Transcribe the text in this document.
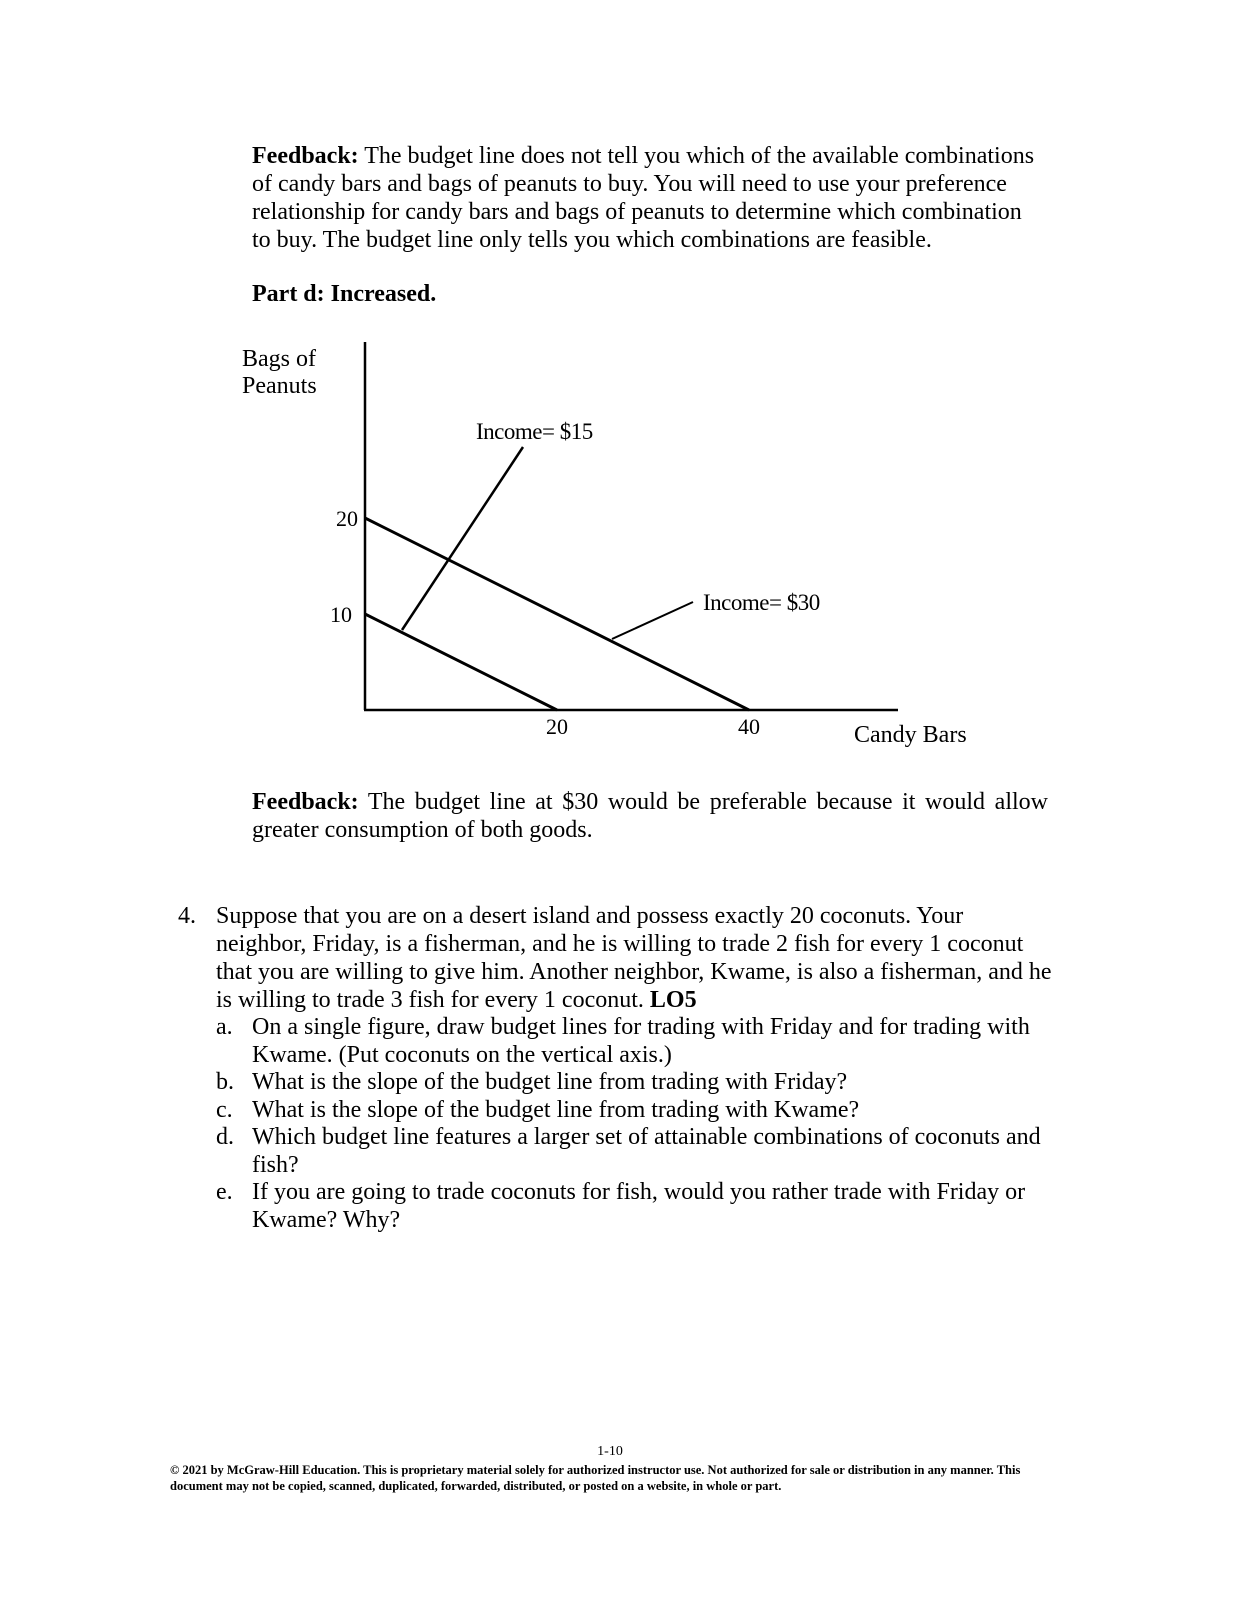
Feedback: The budget line does not tell you which of the available combinations of candy bars and bags of peanuts to buy. You will need to use your preference relationship for candy bars and bags of peanuts to determine which combination to buy. The budget line only tells you which combinations are feasible.
Part d: Increased.
Bags of
Peanuts
Income= $15
Income= $30
20
10
20	40	Candy Bars
Feedback: The budget line at $30 would be preferable because it would allow greater consumption of both goods.
4. Suppose that you are on a desert island and possess exactly 20 coconuts. Your neighbor, Friday, is a fisherman, and he is willing to trade 2 fish for every 1 coconut that you are willing to give him. Another neighbor, Kwame, is also a fisherman, and he is willing to trade 3 fish for every 1 coconut. LO5
a. On a single figure, draw budget lines for trading with Friday and for trading with Kwame. (Put coconuts on the vertical axis.)
b. What is the slope of the budget line from trading with Friday?
c. What is the slope of the budget line from trading with Kwame?
d. Which budget line features a larger set of attainable combinations of coconuts and fish?
e. If you are going to trade coconuts for fish, would you rather trade with Friday or Kwame? Why?
1-10
© 2021 by McGraw-Hill Education. This is proprietary material solely for authorized instructor use. Not authorized for sale or distribution in any manner. This document may not be copied, scanned, duplicated, forwarded, distributed, or posted on a website, in whole or part.
